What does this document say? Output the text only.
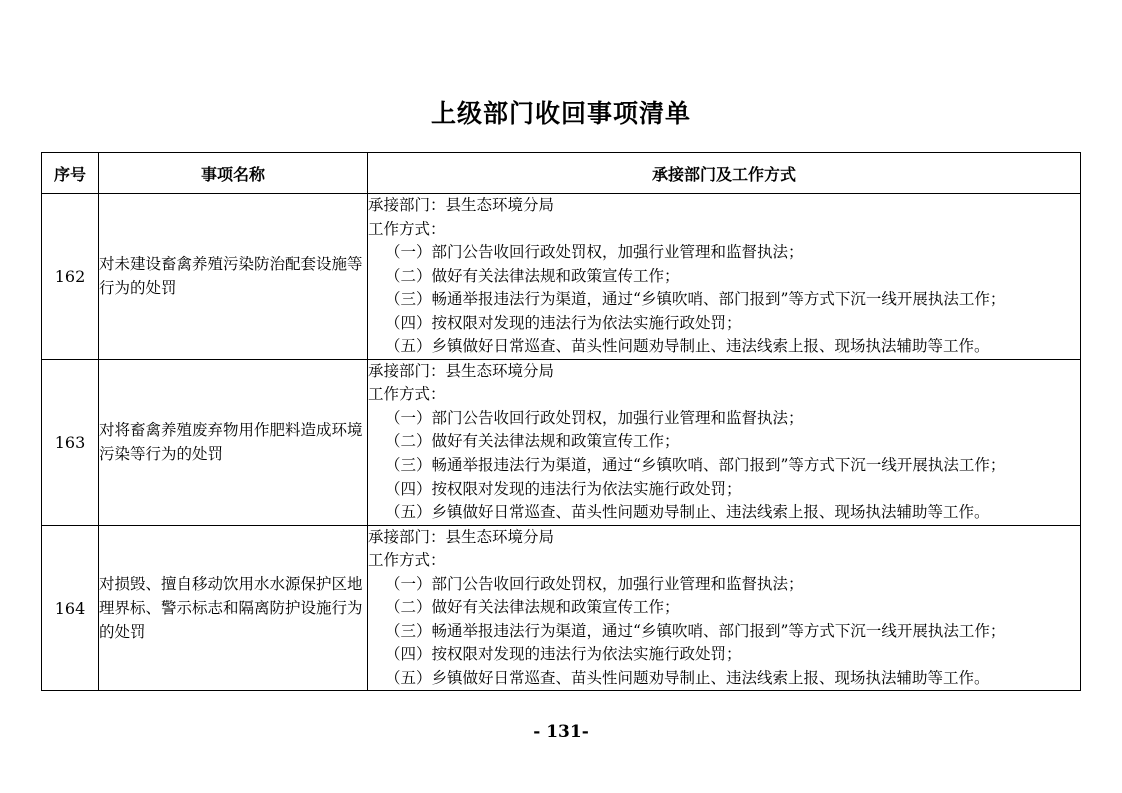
上级部门收回事项清单
序号	事项名称	承接部门及工作方式
162	对未建设畜禽养殖污染防治配套设施等行为的处罚	
承接部门：县生态环境分局
工作方式：
（一）部门公告收回行政处罚权，加强行业管理和监督执法；
（二）做好有关法律法规和政策宣传工作；
（三）畅通举报违法行为渠道，通过“乡镇吹哨、部门报到”等方式下沉一线开展执法工作；
（四）按权限对发现的违法行为依法实施行政处罚；
（五）乡镇做好日常巡查、苗头性问题劝导制止、违法线索上报、现场执法辅助等工作。

163	对将畜禽养殖废弃物用作肥料造成环境污染等行为的处罚	
承接部门：县生态环境分局
工作方式：
（一）部门公告收回行政处罚权，加强行业管理和监督执法；
（二）做好有关法律法规和政策宣传工作；
（三）畅通举报违法行为渠道，通过“乡镇吹哨、部门报到”等方式下沉一线开展执法工作；
（四）按权限对发现的违法行为依法实施行政处罚；
（五）乡镇做好日常巡查、苗头性问题劝导制止、违法线索上报、现场执法辅助等工作。

164	对损毁、擅自移动饮用水水源保护区地理界标、警示标志和隔离防护设施行为的处罚	
承接部门：县生态环境分局
工作方式：
（一）部门公告收回行政处罚权，加强行业管理和监督执法；
（二）做好有关法律法规和政策宣传工作；
（三）畅通举报违法行为渠道，通过“乡镇吹哨、部门报到”等方式下沉一线开展执法工作；
（四）按权限对发现的违法行为依法实施行政处罚；
（五）乡镇做好日常巡查、苗头性问题劝导制止、违法线索上报、现场执法辅助等工作。
- 131-
